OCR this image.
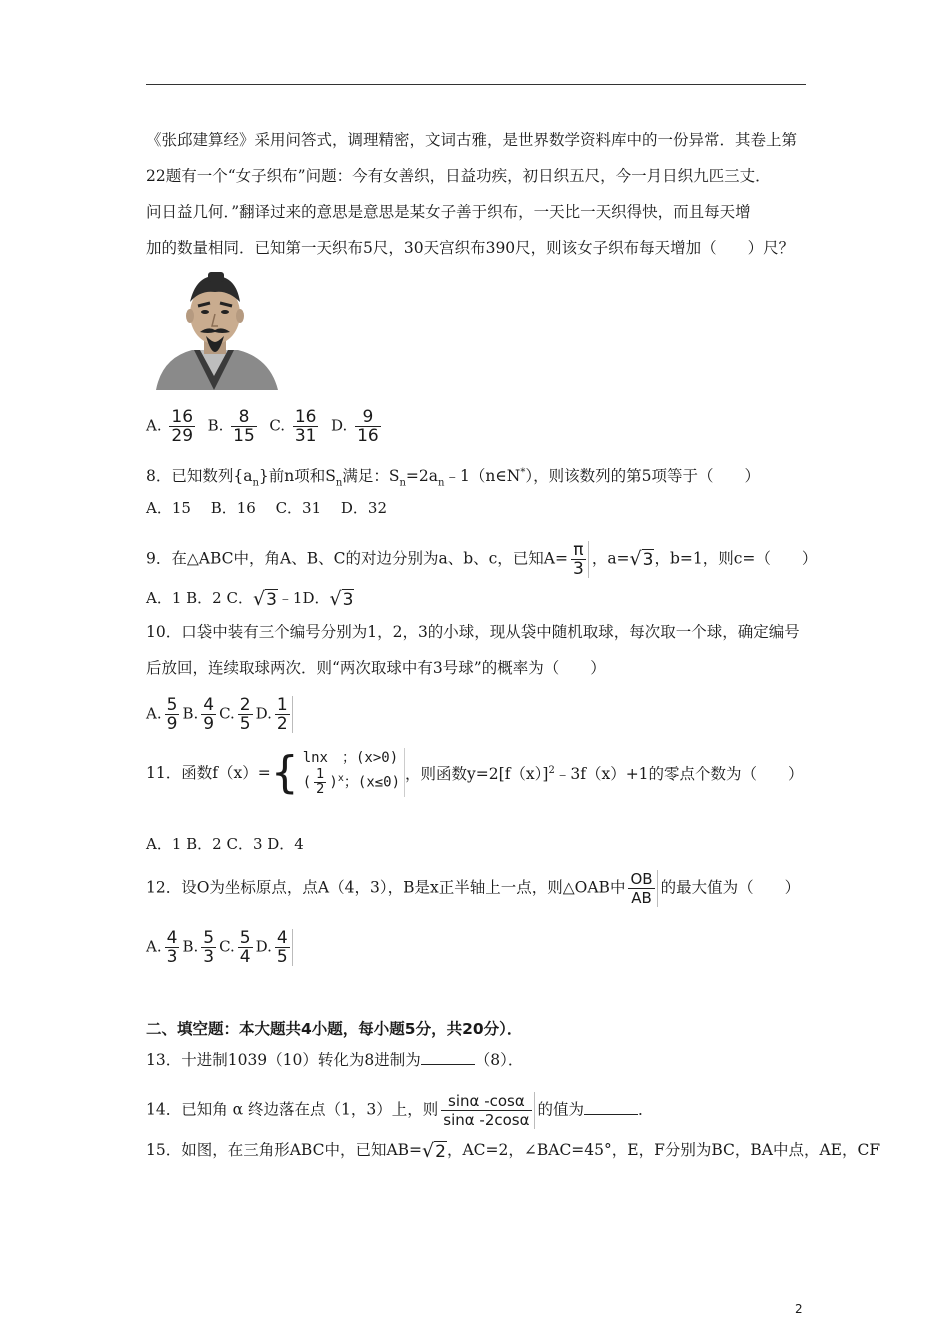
《张邱建算经》采用问答式，调理精密，文词古雅，是世界数学资料库中的一份异常．其卷上第
22题有一个“女子织布”问题：今有女善织，日益功疾，初日织五尺，今一月日织九匹三丈．
问日益几何．”翻译过来的意思是意思是某女子善于织布，一天比一天织得快，而且每天增
加的数量相同．已知第一天织布5尺，30天宫织布390尺，则该女子织布每天增加（　　）尺？
A. $\frac{16}{29} B$. $\frac{8}{15} C$. $\frac{16}{31} D$. $\frac{9}{16}$
8．已知数列$\{a_n\}$前n项和$S_n$满足：$S_n=2a_n﹣1(n\in N^*)$，则该数列的第5项等于（　　）
A．15　 B．16　 C．31　 D．32
9．在△ABC中，角A、B、C的对边分别为a、b、c，已知$A= \frac{\pi}{3}$ ，a=√3，b=1，则c=（　　）
A．1 B．2 C．√3﹣1D．√3
10．口袋中装有三个编号分别为1，2，3的小球，现从袋中随机取球，每次取一个球，确定编号
后放回，连续取球两次．则“两次取球中有3号球”的概率为（　　）
A. $\frac{5}{9} B$. $\frac{4}{9} C$. $\frac{2}{5} D$. $\frac{1}{2}$
11．函数f（x）={ lnx　；(x>0)
( $\frac{1}{2} )^x$；(x≤0) ，则函数$y=2[f(x)]^2﹣3f(x)+1$的零点个数为（　　）
A．1 B．2 C．3 D．4
12．设O为坐标原点，点A（4，3），B是x正半轴上一点，则△OAB中 $\frac{OB}{AB}$ 的最大值为（　　）
A. $\frac{4}{3} B$. $\frac{5}{3} C$. $\frac{5}{4} D$. $\frac{4}{5}$
二、填空题：本大题共4小题，每小题5分，共20分）．
13．十进制1039（10）转化为8进制为	（8）．
14．已知角 α 终边落在点（1，3）上，则 $\frac{\sin\alpha -\cos\alpha}{\sin\alpha -2\cos\alpha}$ 的值为	．
15．如图，在三角形ABC中，已知AB=√2，AC=2，∠BAC=45°，E，F分别为BC，BA中点，AE，CF
2
